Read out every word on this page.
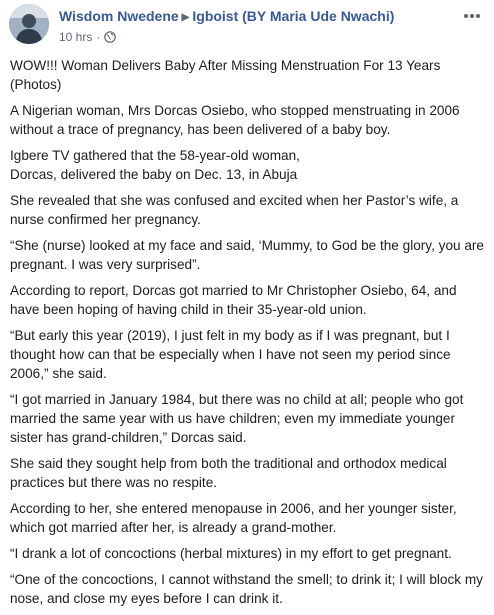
Wisdom Nwedene ▶ Igboist (BY Maria Ude Nwachi)
10 hrs ·

WOW!!! Woman Delivers Baby After Missing Menstruation For 13 Years (Photos)

A Nigerian woman, Mrs Dorcas Osiebo, who stopped menstruating in 2006 without a trace of pregnancy, has been delivered of a baby boy.

Igbere TV gathered that the 58-year-old woman,
Dorcas, delivered the baby on Dec. 13, in Abuja

She revealed that she was confused and excited when her Pastor’s wife, a nurse confirmed her pregnancy.

“She (nurse) looked at my face and said, ‘Mummy, to God be the glory, you are pregnant. I was very surprised”.

According to report, Dorcas got married to Mr Christopher Osiebo, 64, and have been hoping of having child in their 35-year-old union.

“But early this year (2019), I just felt in my body as if I was pregnant, but I thought how can that be especially when I have not seen my period since 2006,” she said.

“I got married in January 1984, but there was no child at all; people who got married the same year with us have children; even my immediate younger sister has grand-children,” Dorcas said.

She said they sought help from both the traditional and orthodox medical practices but there was no respite.

According to her, she entered menopause in 2006, and her younger sister, which got married after her, is already a grand-mother.

“I drank a lot of concoctions (herbal mixtures) in my effort to get pregnant.

“One of the concoctions, I cannot withstand the smell; to drink it; I will block my nose, and close my eyes before I can drink it.
